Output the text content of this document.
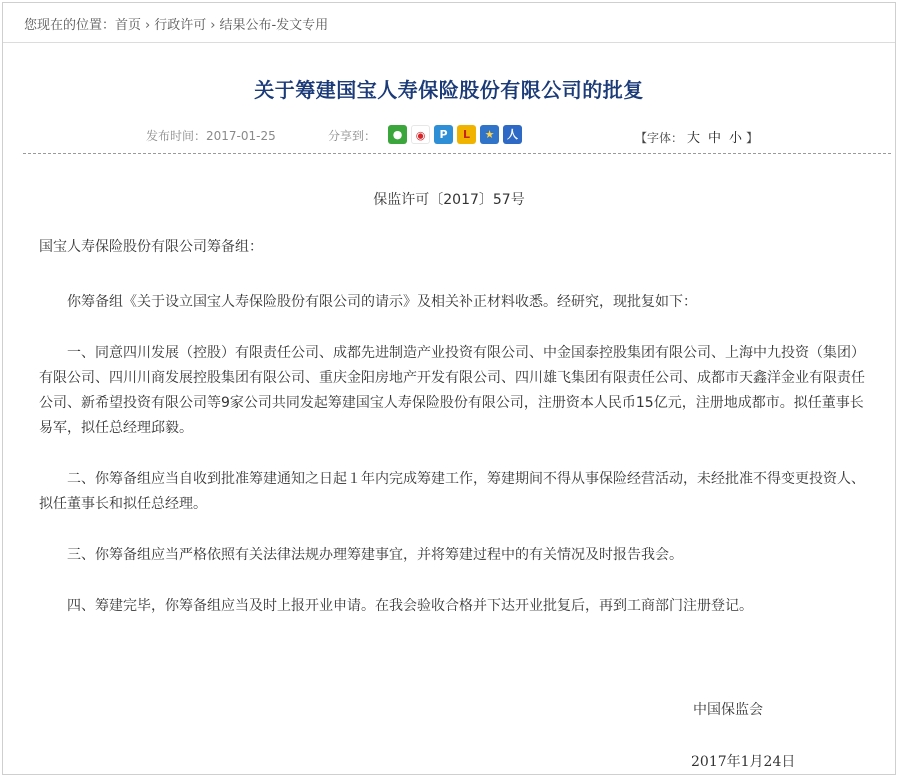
您现在的位置：首页 › 行政许可 › 结果公布-发文专用
关于筹建国宝人寿保险股份有限公司的批复
发布时间：2017-01-25	分享到：	●	◉	P	L	★	人	【字体： 大 中 小 】
保监许可〔2017〕57号

国宝人寿保险股份有限公司筹备组：

你筹备组《关于设立国宝人寿保险股份有限公司的请示》及相关补正材料收悉。经研究，现批复如下：

一、同意四川发展（控股）有限责任公司、成都先进制造产业投资有限公司、中金国泰控股集团有限公司、上海中九投资（集团）有限公司、四川川商发展控股集团有限公司、重庆金阳房地产开发有限公司、四川雄飞集团有限责任公司、成都市天鑫洋金业有限责任公司、新希望投资有限公司等9家公司共同发起筹建国宝人寿保险股份有限公司，注册资本人民币15亿元，注册地成都市。拟任董事长易军，拟任总经理邱毅。

二、你筹备组应当自收到批准筹建通知之日起１年内完成筹建工作，筹建期间不得从事保险经营活动，未经批准不得变更投资人、拟任董事长和拟任总经理。

三、你筹备组应当严格依照有关法律法规办理筹建事宜，并将筹建过程中的有关情况及时报告我会。

四、筹建完毕，你筹备组应当及时上报开业申请。在我会验收合格并下达开业批复后，再到工商部门注册登记。

中国保监会
2017年1月24日
